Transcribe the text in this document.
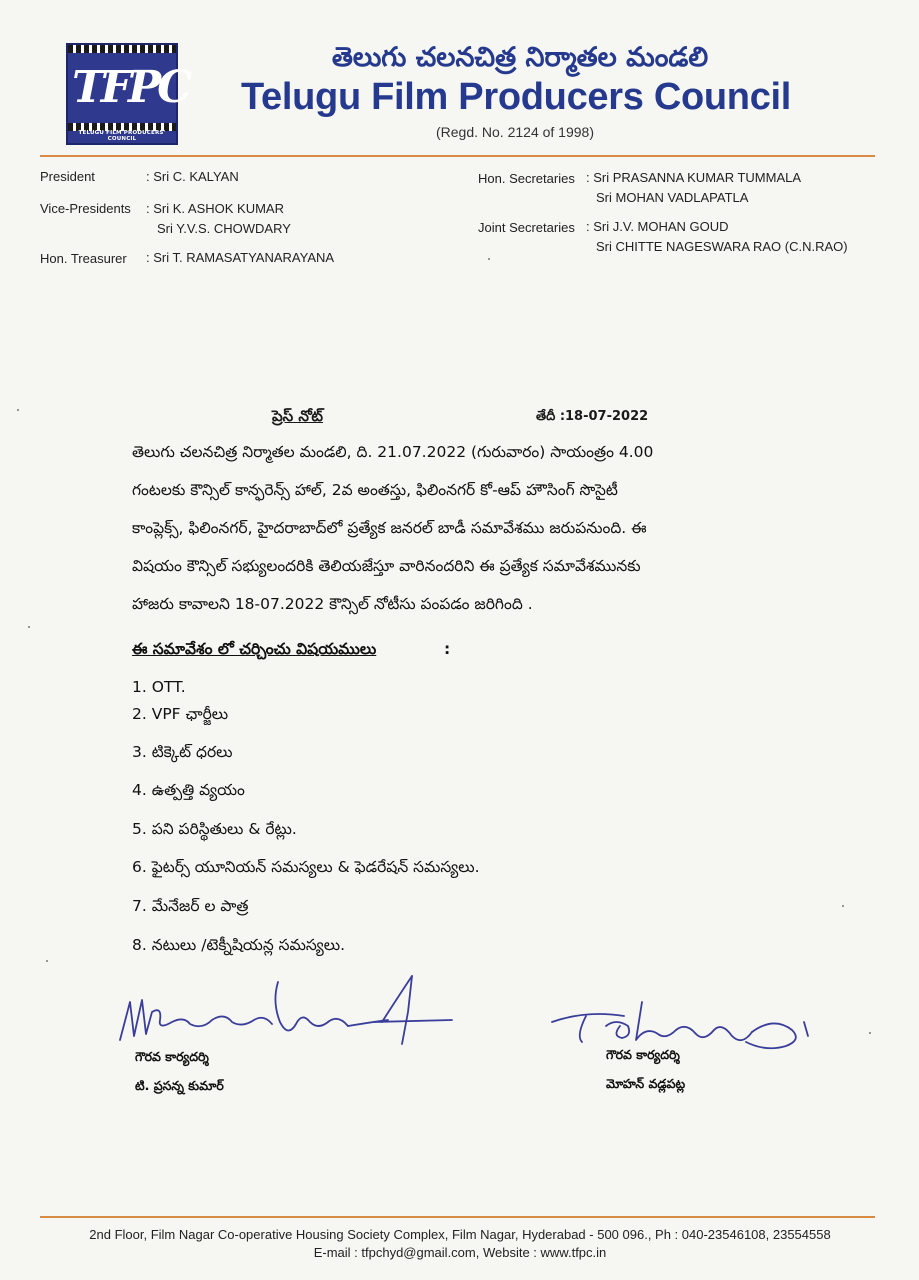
TFPC
TELUGU FILM PRODUCERS' COUNCIL
తెలుగు చలనచిత్ర నిర్మాతల మండలి
Telugu Film Producers Council
(Regd. No. 2124 of 1998)
President	: Sri C. KALYAN
Vice-Presidents : Sri K. ASHOK KUMAR
Sri Y.V.S. CHOWDARY
Hon. Treasurer : Sri T. RAMASATYANARAYANA
Hon. Secretaries : Sri PRASANNA KUMAR TUMMALA
Sri MOHAN VADLAPATLA
Joint Secretaries : Sri J.V. MOHAN GOUD
Sri CHITTE NAGESWARA RAO (C.N.RAO)
ప్రెస్ నోట్	తేదీ :18-07-2022
తెలుగు చలనచిత్ర నిర్మాతల మండలి, ది. 21.07.2022 (గురువారం) సాయంత్రం 4.00
గంటలకు కౌన్సిల్ కాన్ఫరెన్స్ హాల్, 2వ అంతస్తు, ఫిలింనగర్ కో-ఆప్ హౌసింగ్ సొసైటీ
కాంప్లెక్స్, ఫిలింనగర్, హైదరాబాద్‌లో ప్రత్యేక జనరల్ బాడీ సమావేశము జరుపనుంది. ఈ
విషయం కౌన్సిల్ సభ్యులందరికి తెలియజేస్తూ వారినందరిని ఈ ప్రత్యేక సమావేశమునకు
హాజరు కావాలని 18-07.2022 కౌన్సిల్ నోటీసు పంపడం జరిగింది .
ఈ సమావేశం లో చర్చించు విషయములు	:
1. OTT.
2. VPF ఛార్జీలు
3. టిక్కెట్ ధరలు
4. ఉత్పత్తి వ్యయం
5. పని పరిస్థితులు & రేట్లు.
6. ఫైటర్స్ యూనియన్ సమస్యలు & ఫెడరేషన్ సమస్యలు.
7. మేనేజర్ ల పాత్ర
8. నటులు /టెక్నీషియన్ల సమస్యలు.
గౌరవ కార్యదర్శి
టి. ప్రసన్న కుమార్
గౌరవ కార్యదర్శి
మోహన్ వడ్లపట్ల
2nd Floor, Film Nagar Co-operative Housing Society Complex, Film Nagar, Hyderabad - 500 096., Ph : 040-23546108, 23554558
E-mail : tfpchyd@gmail.com, Website : www.tfpc.in
